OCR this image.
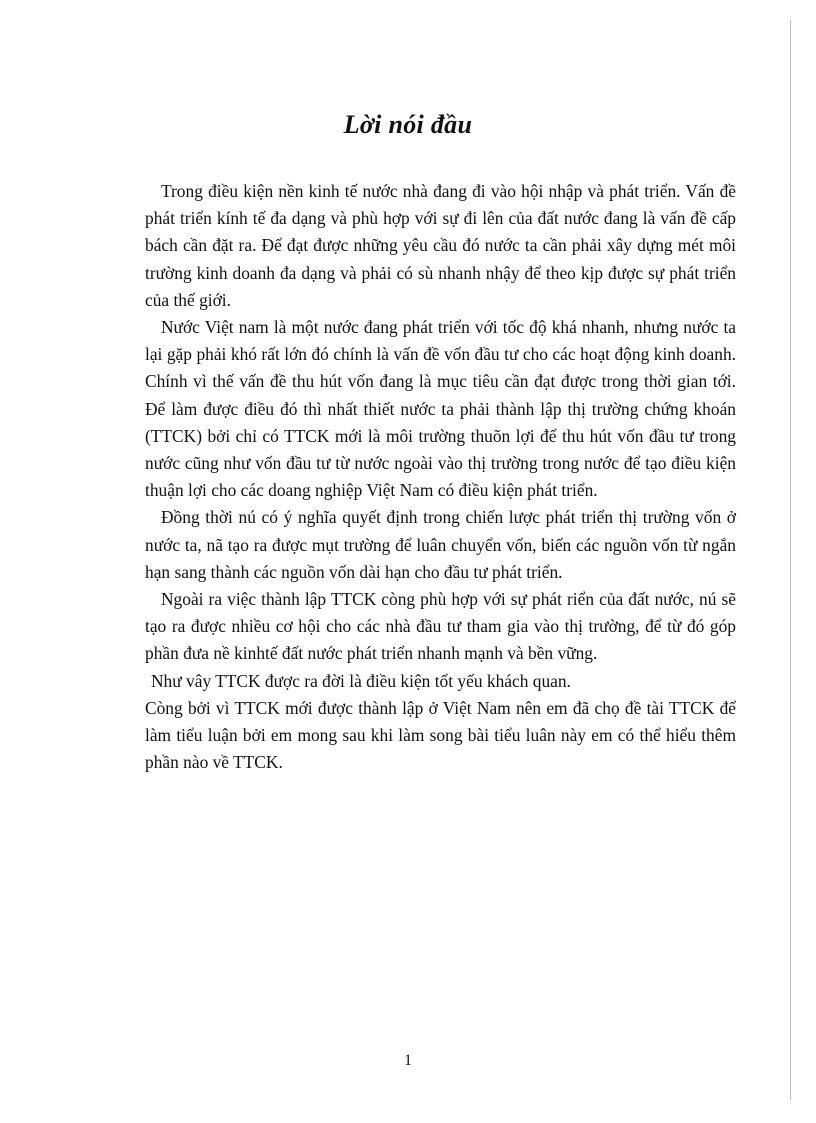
Lời nói đầu

Trong điều kiện nền kinh tế nước nhà đang đi vào hội nhập và phát triển. Vấn đề phát triển kính tế đa dạng và phù hợp với sự đi lên của đất nước đang là vấn đề cấp bách cần đặt ra. Để đạt được những yêu cầu đó nước ta cần phải xây dựng mét môi trường kinh doanh đa dạng và phải có sù nhanh nhậy để theo kịp được sự phát triển của thế giới.

Nước Việt nam là một nước đang phát triển với tốc độ khá nhanh, nhưng nước ta lại gặp phải khó rất lớn đó chính là vấn đề vốn đầu tư cho các hoạt động kinh doanh. Chính vì thế vấn đề thu hút vốn đang là mục tiêu cần đạt được trong thời gian tới. Để làm được điều đó thì nhất thiết nước ta phải thành lập thị trường chứng khoán (TTCK) bởi chỉ có TTCK mới là môi trường thuõn lợi để thu hút vốn đầu tư trong nước cũng như vốn đầu tư từ nước ngoài vào thị trường trong nước để tạo điều kiện thuận lợi cho các doang nghiệp Việt Nam có điều kiện phát triển.

Đồng thời nú có ý nghĩa quyết định trong chiến lược phát triển thị trường vốn ở nước ta, nã tạo ra được mụt trường để luân chuyển vốn, biến các nguồn vốn từ ngắn hạn sang thành các nguồn vốn dài hạn cho đầu tư phát triển.

Ngoài ra việc thành lập TTCK còng phù hợp với sự phát riển của đất nước, nú sẽ tạo ra được nhiều cơ hội cho các nhà đầu tư tham gia vào thị trường, để từ đó góp phần đưa nề kinhtế đất nước phát triển nhanh mạnh và bền vững.

Như vây TTCK được ra đời là điều kiện tốt yếu khách quan.

Còng bởi vì TTCK mới được thành lập ở Việt Nam nên em đã chọ đề tài TTCK để làm tiểu luận bởi em mong sau khi làm song bài tiểu luân này em có thể hiểu thêm phần nào về TTCK.

1
